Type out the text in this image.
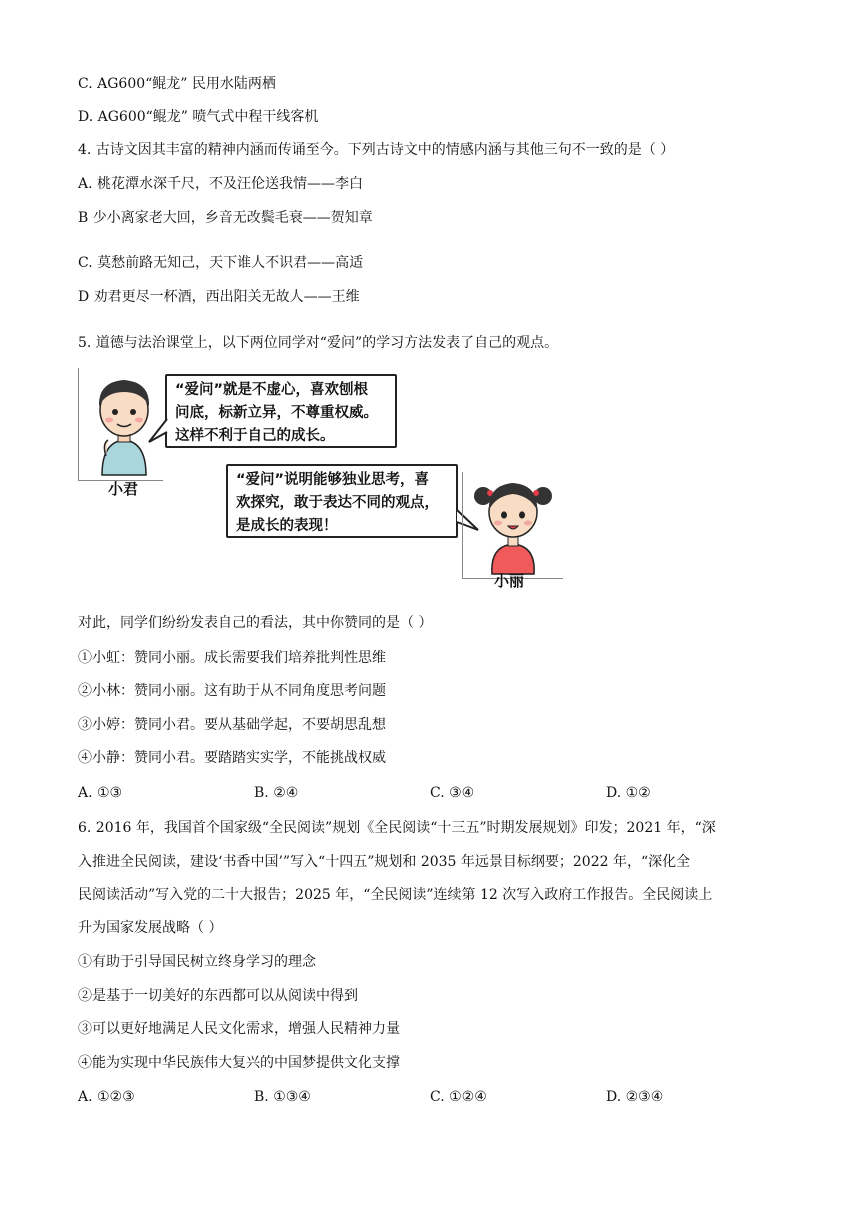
C. AG600“鲲龙” 民用水陆两栖
D. AG600“鲲龙” 喷气式中程干线客机
4. 古诗文因其丰富的精神内涵而传诵至今。下列古诗文中的情感内涵与其他三句不一致的是（ ）
A. 桃花潭水深千尺，不及汪伦送我情——李白
B 少小离家老大回，乡音无改鬓毛衰——贺知章
C. 莫愁前路无知己，天下谁人不识君——高适
D 劝君更尽一杯酒，西出阳关无故人——王维
5. 道德与法治课堂上，以下两位同学对“爱问”的学习方法发表了自己的观点。
小君
“爱问”就是不虚心，喜欢刨根
问底，标新立异，不尊重权威。
这样不利于自己的成长。
“爱问”说明能够独业思考，喜
欢探究，敢于表达不同的观点，
是成长的表现！
小丽
对此，同学们纷纷发表自己的看法，其中你赞同的是（ ）
①小虹：赞同小丽。成长需要我们培养批判性思维
②小林：赞同小丽。这有助于从不同角度思考问题
③小婷：赞同小君。要从基础学起，不要胡思乱想
④小静：赞同小君。要踏踏实实学，不能挑战权威
A. ①③	B. ②④	C. ③④	D. ①②
6. 2016 年，我国首个国家级“全民阅读”规划《全民阅读“十三五”时期发展规划》印发；2021 年，“深
入推进全民阅读，建设‘书香中国’”写入“十四五”规划和 2035 年远景目标纲要；2022 年，“深化全
民阅读活动”写入党的二十大报告；2025 年，“全民阅读”连续第 12 次写入政府工作报告。全民阅读上
升为国家发展战略（ ）
①有助于引导国民树立终身学习的理念
②是基于一切美好的东西都可以从阅读中得到
③可以更好地满足人民文化需求，增强人民精神力量
④能为实现中华民族伟大复兴的中国梦提供文化支撑
A. ①②③	B. ①③④	C. ①②④	D. ②③④
